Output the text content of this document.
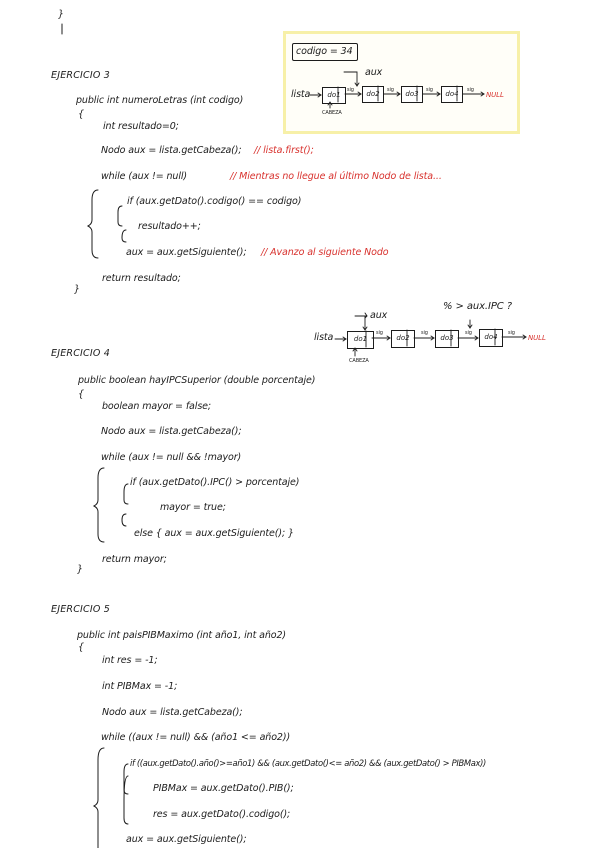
}
EJERCICIO 3
public int numeroLetras (int codigo)
{
int resultado=0;
Nodo aux = lista.getCabeza(); // lista.first();
while (aux != null)	// Mientras no llegue al último Nodo de lista...
if (aux.getDato().codigo() == codigo)
resultado++;
aux = aux.getSiguiente(); // Avanzo al siguiente Nodo
return resultado;
}
codigo = 34
aux
lista
CABEZA
do1	do2	do3	do4
sig	sig	sig	sig
NULL
% > aux.IPC ?
aux
lista
CABEZA
do1	do2	do3	do4
sig	sig	sig	sig
NULL
EJERCICIO 4
public boolean hayIPCSuperior (double porcentaje)
{
boolean mayor = false;
Nodo aux = lista.getCabeza();
while (aux != null && !mayor)
if (aux.getDato().IPC() > porcentaje)
mayor = true;
else { aux = aux.getSiguiente(); }
return mayor;
}
EJERCICIO 5
public int paisPIBMaximo (int año1, int año2)
{
int res = -1;
int PIBMax = -1;
Nodo aux = lista.getCabeza();
while ((aux != null) && (año1 <= año2))
if ((aux.getDato().año()>=año1) && (aux.getDato()<= año2) && (aux.getDato() > PIBMax))
PIBMax = aux.getDato().PIB();
res = aux.getDato().codigo();
aux = aux.getSiguiente();
